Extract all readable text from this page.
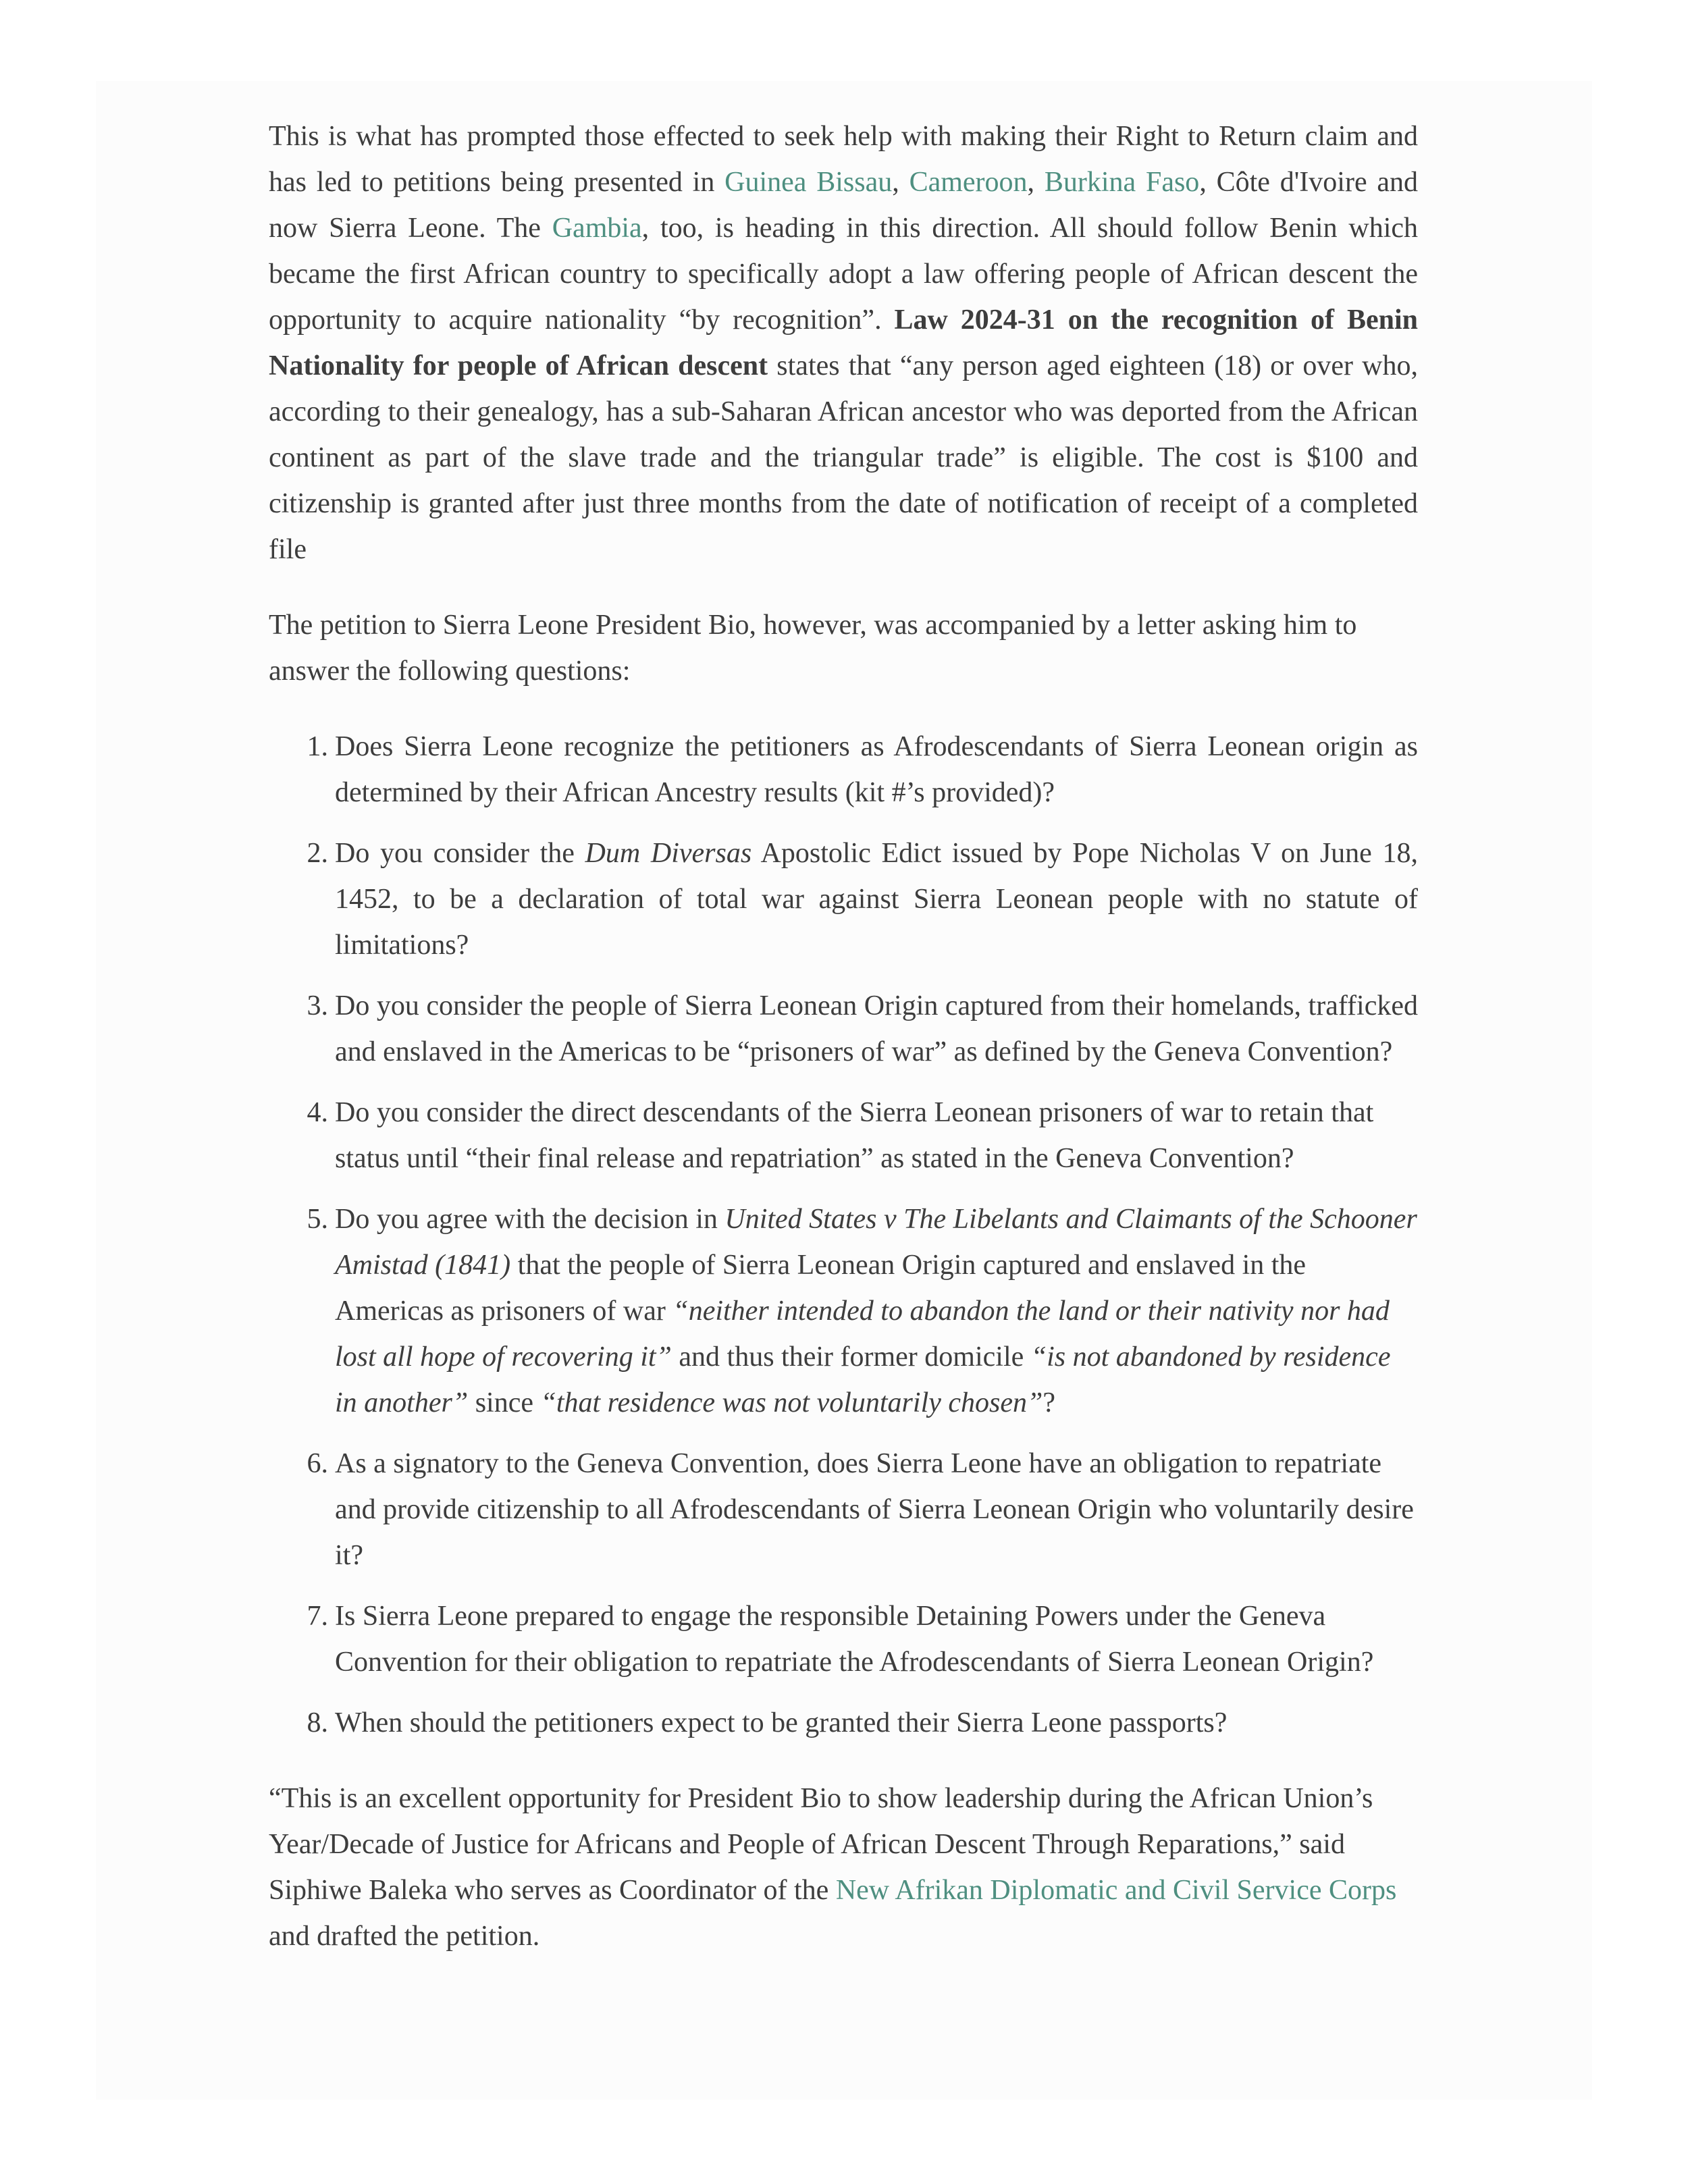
This is what has prompted those effected to seek help with making their Right to Return claim and has led to petitions being presented in Guinea Bissau, Cameroon, Burkina Faso, Côte d'Ivoire and now Sierra Leone. The Gambia, too, is heading in this direction. All should follow Benin which became the first African country to specifically adopt a law offering people of African descent the opportunity to acquire nationality “by recognition”. Law 2024-31 on the recognition of Benin Nationality for people of African descent states that “any person aged eighteen (18) or over who, according to their genealogy, has a sub-Saharan African ancestor who was deported from the African continent as part of the slave trade and the triangular trade” is eligible. The cost is $100 and citizenship is granted after just three months from the date of notification of receipt of a completed file

The petition to Sierra Leone President Bio, however, was accompanied by a letter asking him to answer the following questions:

1. Does Sierra Leone recognize the petitioners as Afrodescendants of Sierra Leonean origin as determined by their African Ancestry results (kit #’s provided)?
2. Do you consider the Dum Diversas Apostolic Edict issued by Pope Nicholas V on June 18, 1452, to be a declaration of total war against Sierra Leonean people with no statute of limitations?
3. Do you consider the people of Sierra Leonean Origin captured from their homelands, trafficked and enslaved in the Americas to be “prisoners of war” as defined by the Geneva Convention?
4. Do you consider the direct descendants of the Sierra Leonean prisoners of war to retain that status until “their final release and repatriation” as stated in the Geneva Convention?
5. Do you agree with the decision in United States v The Libelants and Claimants of the Schooner Amistad (1841) that the people of Sierra Leonean Origin captured and enslaved in the Americas as prisoners of war “neither intended to abandon the land or their nativity nor had lost all hope of recovering it” and thus their former domicile “is not abandoned by residence in another” since “that residence was not voluntarily chosen”?
6. As a signatory to the Geneva Convention, does Sierra Leone have an obligation to repatriate and provide citizenship to all Afrodescendants of Sierra Leonean Origin who voluntarily desire it?
7. Is Sierra Leone prepared to engage the responsible Detaining Powers under the Geneva Convention for their obligation to repatriate the Afrodescendants of Sierra Leonean Origin?
8. When should the petitioners expect to be granted their Sierra Leone passports?

“This is an excellent opportunity for President Bio to show leadership during the African Union’s Year/Decade of Justice for Africans and People of African Descent Through Reparations,” said Siphiwe Baleka who serves as Coordinator of the New Afrikan Diplomatic and Civil Service Corps and drafted the petition.
